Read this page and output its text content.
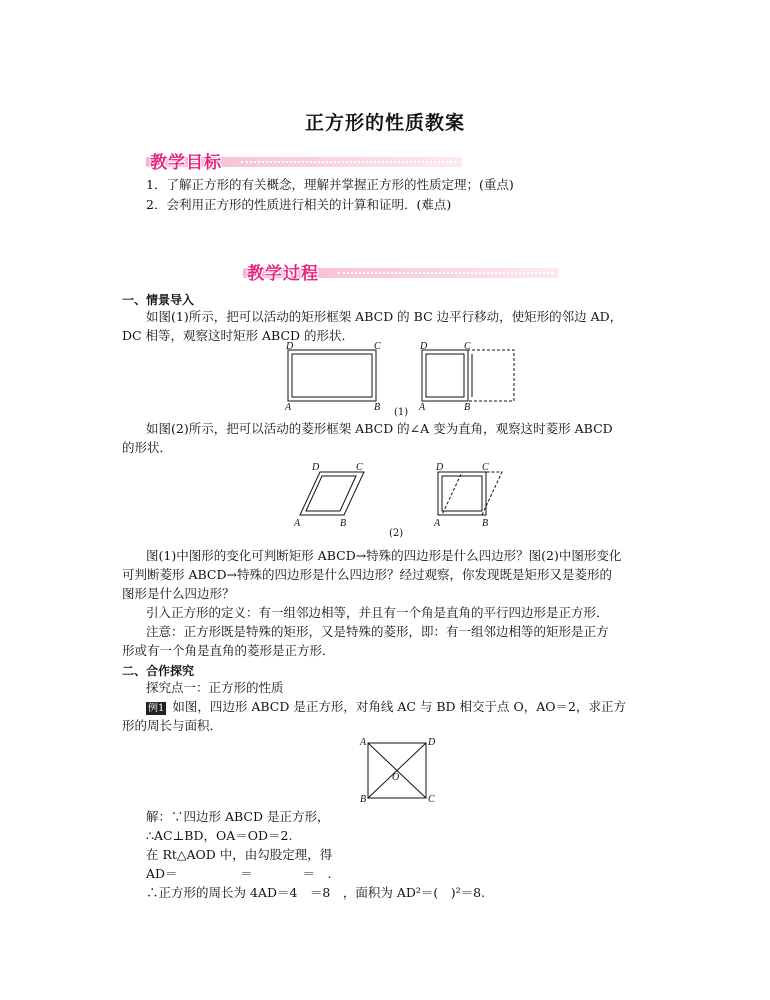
正方形的性质教案
教学目标
1．了解正方形的有关概念，理解并掌握正方形的性质定理；(重点)
2．会利用正方形的性质进行相关的计算和证明．(难点)
教学过程
一、情景导入
如图(1)所示，把可以活动的矩形框架 ABCD 的 BC 边平行移动，使矩形的邻边 AD，
DC 相等，观察这时矩形 ABCD 的形状．
D	C
A	B
D	C
A	B
(1)
如图(2)所示，把可以活动的菱形框架 ABCD 的∠A 变为直角，观察这时菱形 ABCD
的形状．
D	C
A	B
D	C
A	B
(2)
图(1)中图形的变化可判断矩形 ABCD→特殊的四边形是什么四边形？图(2)中图形变化
可判断菱形 ABCD→特殊的四边形是什么四边形？经过观察，你发现既是矩形又是菱形的
图形是什么四边形？
引入正方形的定义：有一组邻边相等，并且有一个角是直角的平行四边形是正方形．
注意：正方形既是特殊的矩形，又是特殊的菱形，即：有一组邻边相等的矩形是正方
形或有一个角是直角的菱形是正方形．
二、合作探究
探究点一：正方形的性质
例1 如图，四边形 ABCD 是正方形，对角线 AC 与 BD 相交于点 O，AO＝2，求正方
形的周长与面积．
A	D
O
B	C
解：∵四边形 ABCD 是正方形，
∴AC⊥BD，OA＝OD＝2.
在 Rt△AOD 中，由勾股定理，得
AD＝　　　　　＝　　　　＝　.
∴正方形的周长为 4AD＝4　＝8　，面积为 AD²＝(　)²＝8.
